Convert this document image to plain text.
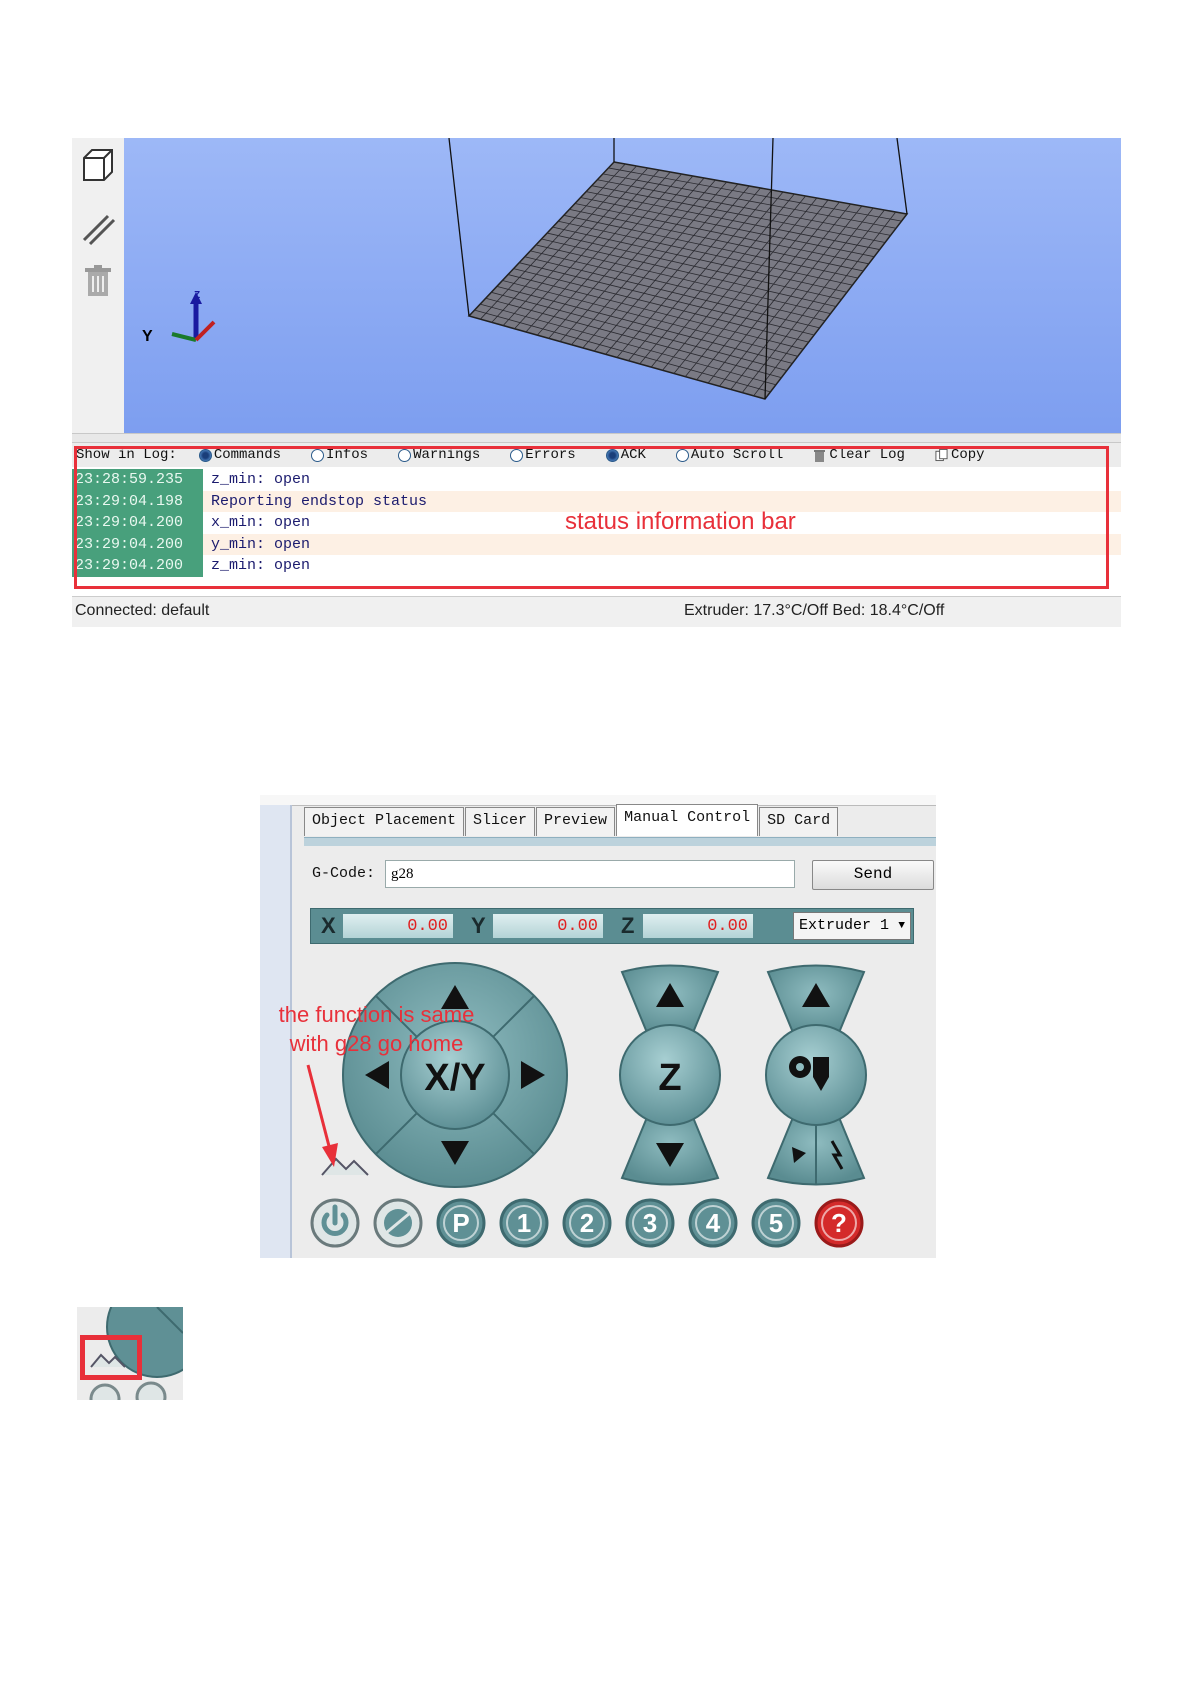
Z
Y
Show in Log:	Commands	Infos	Warnings	Errors	ACK	Auto Scroll	Clear Log	Copy
23:28:59.235	z_min: open
23:29:04.198	Reporting endstop status
23:29:04.200	x_min: open
23:29:04.200	y_min: open
23:29:04.200	z_min: open
status information bar
Connected: default	Extruder: 17.3°C/Off Bed: 18.4°C/Off
Object Placement	Slicer	Preview	Manual Control	SD Card
G-Code:
g28	Send
X	0.00 Y	0.00 Z	0.00	Extruder 1 ▼
X/Y	Z
the function is same
with g28 go home
P 1 2 3 4 5 ?
